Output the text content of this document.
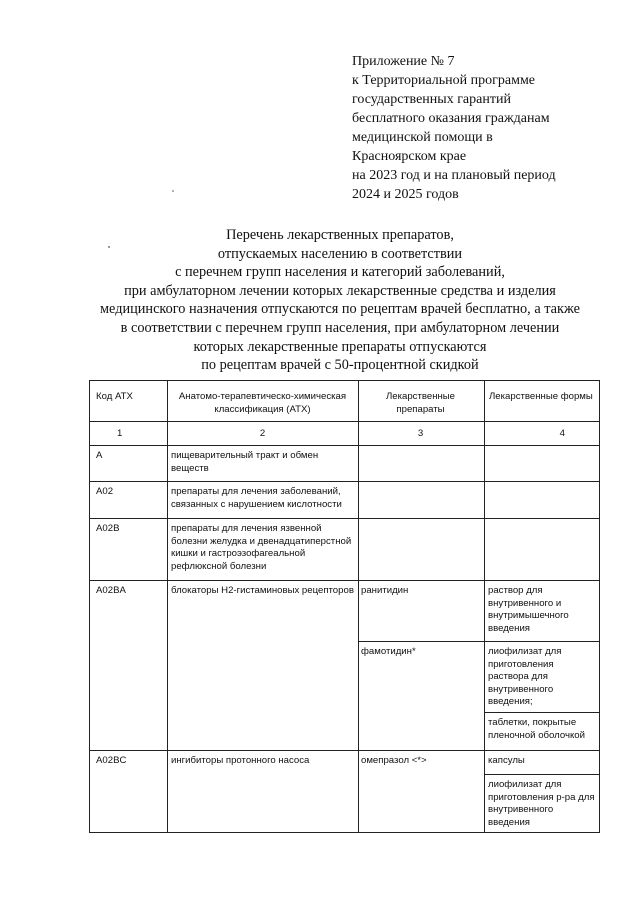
Приложение № 7
к Территориальной программе
государственных гарантий
бесплатного оказания гражданам
медицинской помощи в
Красноярском крае
на 2023 год и на плановый период
2024 и 2025 годов
Перечень лекарственных препаратов,
отпускаемых населению в соответствии
с перечнем групп населения и категорий заболеваний,
при амбулаторном лечении которых лекарственные средства и изделия
медицинского назначения отпускаются по рецептам врачей бесплатно, а также
в соответствии с перечнем групп населения, при амбулаторном лечении
которых лекарственные препараты отпускаются
по рецептам врачей с 50-процентной скидкой
Код АТХ	Анатомо-терапевтическо-химическая классификация (АТХ)	Лекарственные препараты	Лекарственные формы
1	2	3	4
A	пищеварительный тракт и обмен веществ		
A02	препараты для лечения заболеваний, связанных с нарушением кислотности		
A02B	препараты для лечения язвенной болезни желудка и двенадцатиперстной кишки и гастроэзофагеальной рефлюксной болезни		
A02BA	блокаторы H2-гистаминовых рецепторов	ранитидин	раствор для внутривенного и внутримышечного введения
		фамотидин*	лиофилизат для приготовления раствора для внутривенного введения;
			таблетки, покрытые пленочной оболочкой
A02BC	ингибиторы протонного насоса	омепразол <*>	капсулы
			лиофилизат для приготовления р-ра для внутривенного введения
